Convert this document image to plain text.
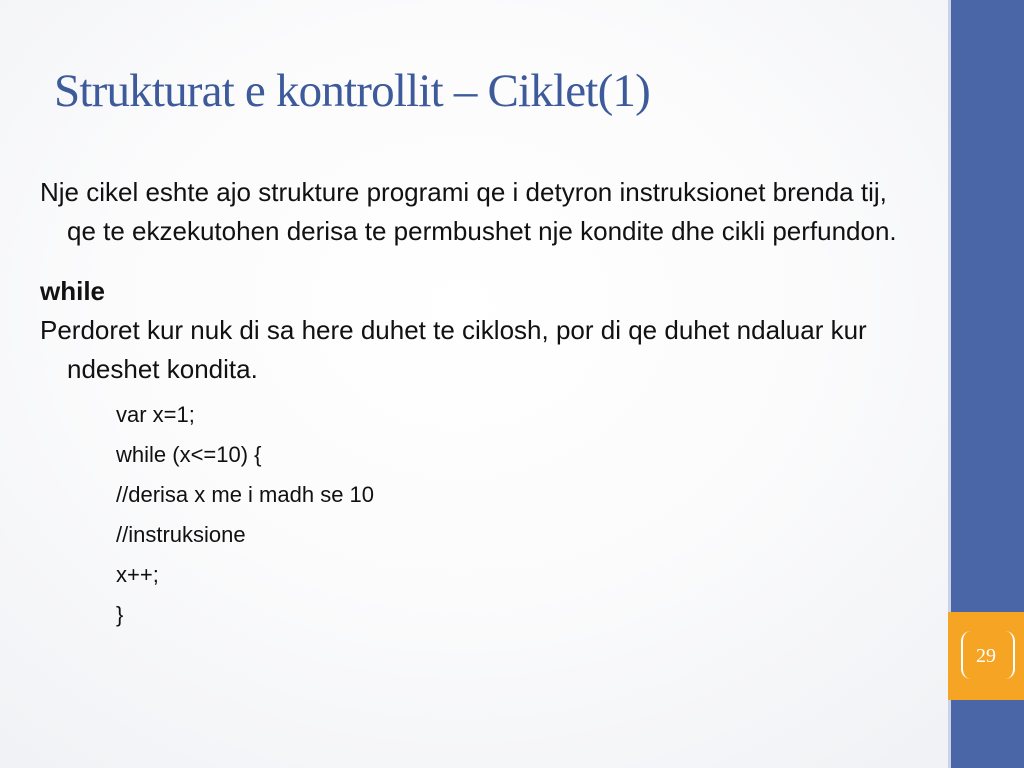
Strukturat e kontrollit – Ciklet(1)

Nje cikel eshte ajo strukture programi qe i detyron instruksionet brenda tij, qe te ekzekutohen derisa te permbushet nje kondite dhe cikli perfundon.

while

Perdoret kur nuk di sa here duhet te ciklosh, por di qe duhet ndaluar kur ndeshet kondita.

var x=1;
while (x<=10) {
//derisa x me i madh se 10
//instruksione
x++;
}
29
